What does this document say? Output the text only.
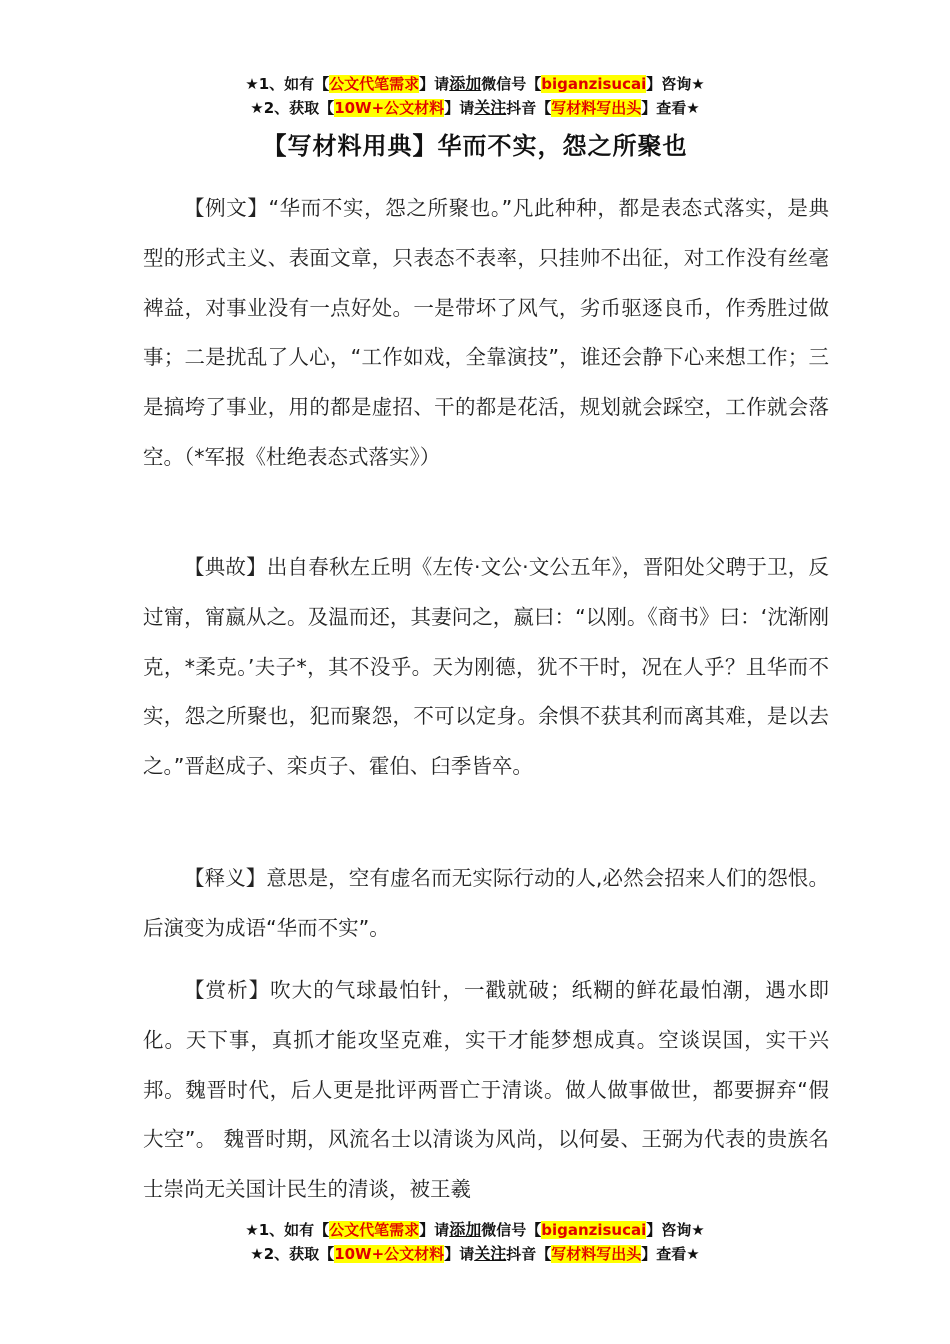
★1、如有【公文代笔需求】请添加微信号【biganzisucai】咨询★
★2、获取【10W+公文材料】请关注抖音【写材料写出头】查看★
【写材料用典】华而不实，怨之所聚也

【例文】“华而不实，怨之所聚也。”凡此种种，都是表态式落实，是典型的形式主义、表面文章，只表态不表率，只挂帅不出征，对工作没有丝毫裨益，对事业没有一点好处。一是带坏了风气，劣币驱逐良币，作秀胜过做事；二是扰乱了人心，“工作如戏，全靠演技”，谁还会静下心来想工作；三是搞垮了事业，用的都是虚招、干的都是花活，规划就会踩空，工作就会落空。（*军报《杜绝表态式落实》）

【典故】出自春秋左丘明《左传·文公·文公五年》，晋阳处父聘于卫，反过甯，甯嬴从之。及温而还，其妻问之，嬴曰：“以刚。《商书》曰：‘沈渐刚克，*柔克。’夫子*，其不没乎。天为刚德，犹不干时，况在人乎？且华而不实，怨之所聚也，犯而聚怨，不可以定身。余惧不获其利而离其难，是以去之。”晋赵成子、栾贞子、霍伯、臼季皆卒。

【释义】意思是，空有虚名而无实际行动的人,必然会招来人们的怨恨。后演变为成语“华而不实”。

【赏析】吹大的气球最怕针，一戳就破；纸糊的鲜花最怕潮，遇水即化。天下事，真抓才能攻坚克难，实干才能梦想成真。空谈误国，实干兴邦。魏晋时代，后人更是批评两晋亡于清谈。做人做事做世，都要摒弃“假大空”。 魏晋时期，风流名士以清谈为风尚，以何晏、王弼为代表的贵族名士崇尚无关国计民生的清谈，被王羲

★1、如有【公文代笔需求】请添加微信号【biganzisucai】咨询★
★2、获取【10W+公文材料】请关注抖音【写材料写出头】查看★
